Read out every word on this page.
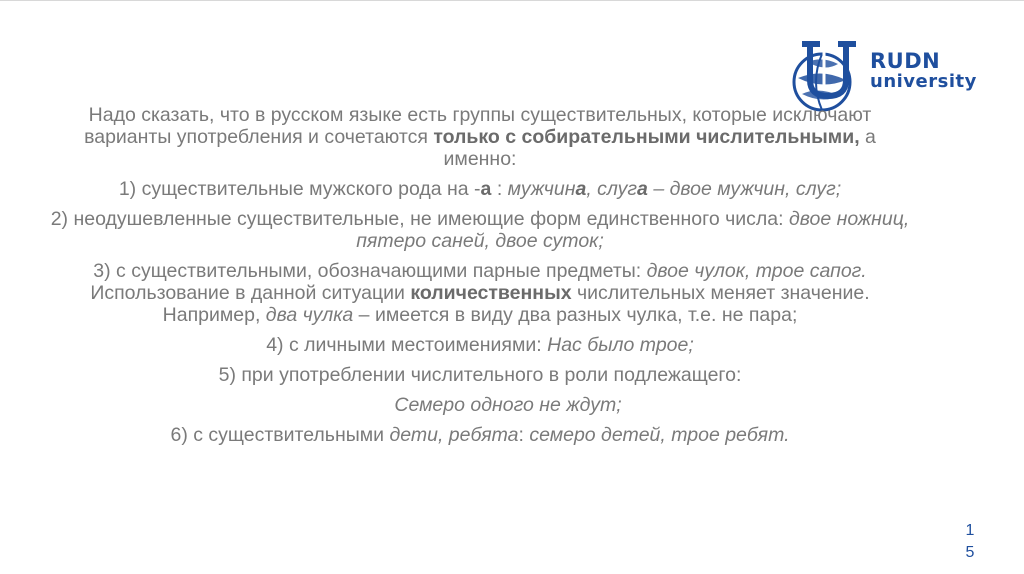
RUDN
university

Надо сказать, что в русском языке есть группы существительных, которые исключают варианты употребления и сочетаются только с собирательными числительными, а именно:

1) существительные мужского рода на -а : мужчина, слуга – двое мужчин, слуг;

2) неодушевленные существительные, не имеющие форм единственного числа: двое ножниц, пятеро саней, двое суток;

3) с существительными, обозначающими парные предметы: двое чулок, трое сапог. Использование в данной ситуации количественных числительных меняет значение. Например, два чулка – имеется в виду два разных чулка, т.е. не пара;

4) с личными местоимениями: Нас было трое;

5) при употреблении числительного в роли подлежащего:

Семеро одного не ждут;

6) с существительными дети, ребята: семеро детей, трое ребят.

1
5
